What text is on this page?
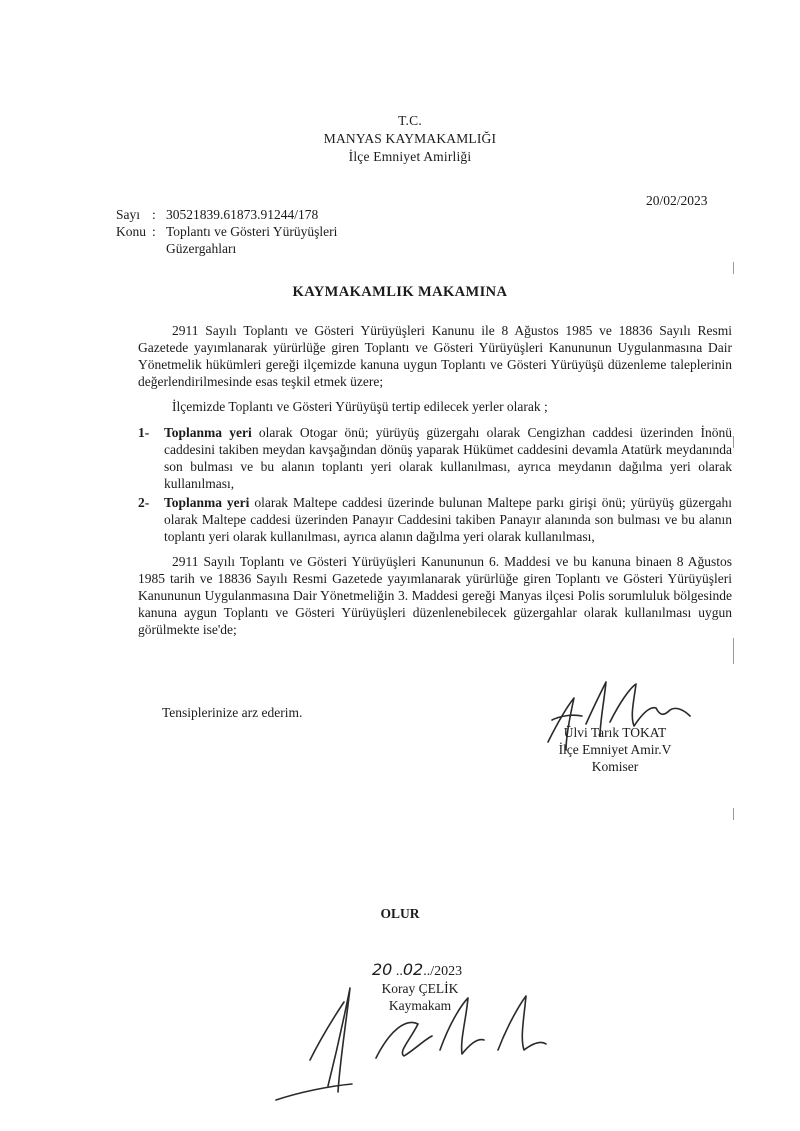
T.C.
MANYAS KAYMAKAMLIĞI
İlçe Emniyet Amirliği
20/02/2023
Sayı : 30521839.61873.91244/178
Konu : Toplantı ve Gösteri Yürüyüşleri
Güzergahları
KAYMAKAMLIK MAKAMINA

2911 Sayılı Toplantı ve Gösteri Yürüyüşleri Kanunu ile 8 Ağustos 1985 ve 18836 Sayılı Resmi Gazetede yayımlanarak yürürlüğe giren Toplantı ve Gösteri Yürüyüşleri Kanununun Uygulanmasına Dair Yönetmelik hükümleri gereği ilçemizde kanuna uygun Toplantı ve Gösteri Yürüyüşü düzenleme taleplerinin değerlendirilmesinde esas teşkil etmek üzere;

İlçemizde Toplantı ve Gösteri Yürüyüşü tertip edilecek yerler olarak ;

1-	Toplanma yeri olarak Otogar önü; yürüyüş güzergahı olarak Cengizhan caddesi üzerinden İnönü caddesini takiben meydan kavşağından dönüş yaparak Hükümet caddesini devamla Atatürk meydanında son bulması ve bu alanın toplantı yeri olarak kullanılması, ayrıca meydanın dağılma yeri olarak kullanılması,
2-	Toplanma yeri olarak Maltepe caddesi üzerinde bulunan Maltepe parkı girişi önü; yürüyüş güzergahı olarak Maltepe caddesi üzerinden Panayır Caddesini takiben Panayır alanında son bulması ve bu alanın toplantı yeri olarak kullanılması, ayrıca alanın dağılma yeri olarak kullanılması,

2911 Sayılı Toplantı ve Gösteri Yürüyüşleri Kanununun 6. Maddesi ve bu kanuna binaen 8 Ağustos 1985 tarih ve 18836 Sayılı Resmi Gazetede yayımlanarak yürürlüğe giren Toplantı ve Gösteri Yürüyüşleri Kanununun Uygulanmasına Dair Yönetmeliğin 3. Maddesi gereği Manyas ilçesi Polis sorumluluk bölgesinde kanuna aygun Toplantı ve Gösteri Yürüyüşleri düzenlenebilecek güzergahlar olarak kullanılması uygun görülmekte ise'de;

Tensiplerinize arz ederim.
Ülvi Tarık TOKAT
İlçe Emniyet Amir.V
Komiser
OLUR
20 ..02../2023
Koray ÇELİK
Kaymakam
